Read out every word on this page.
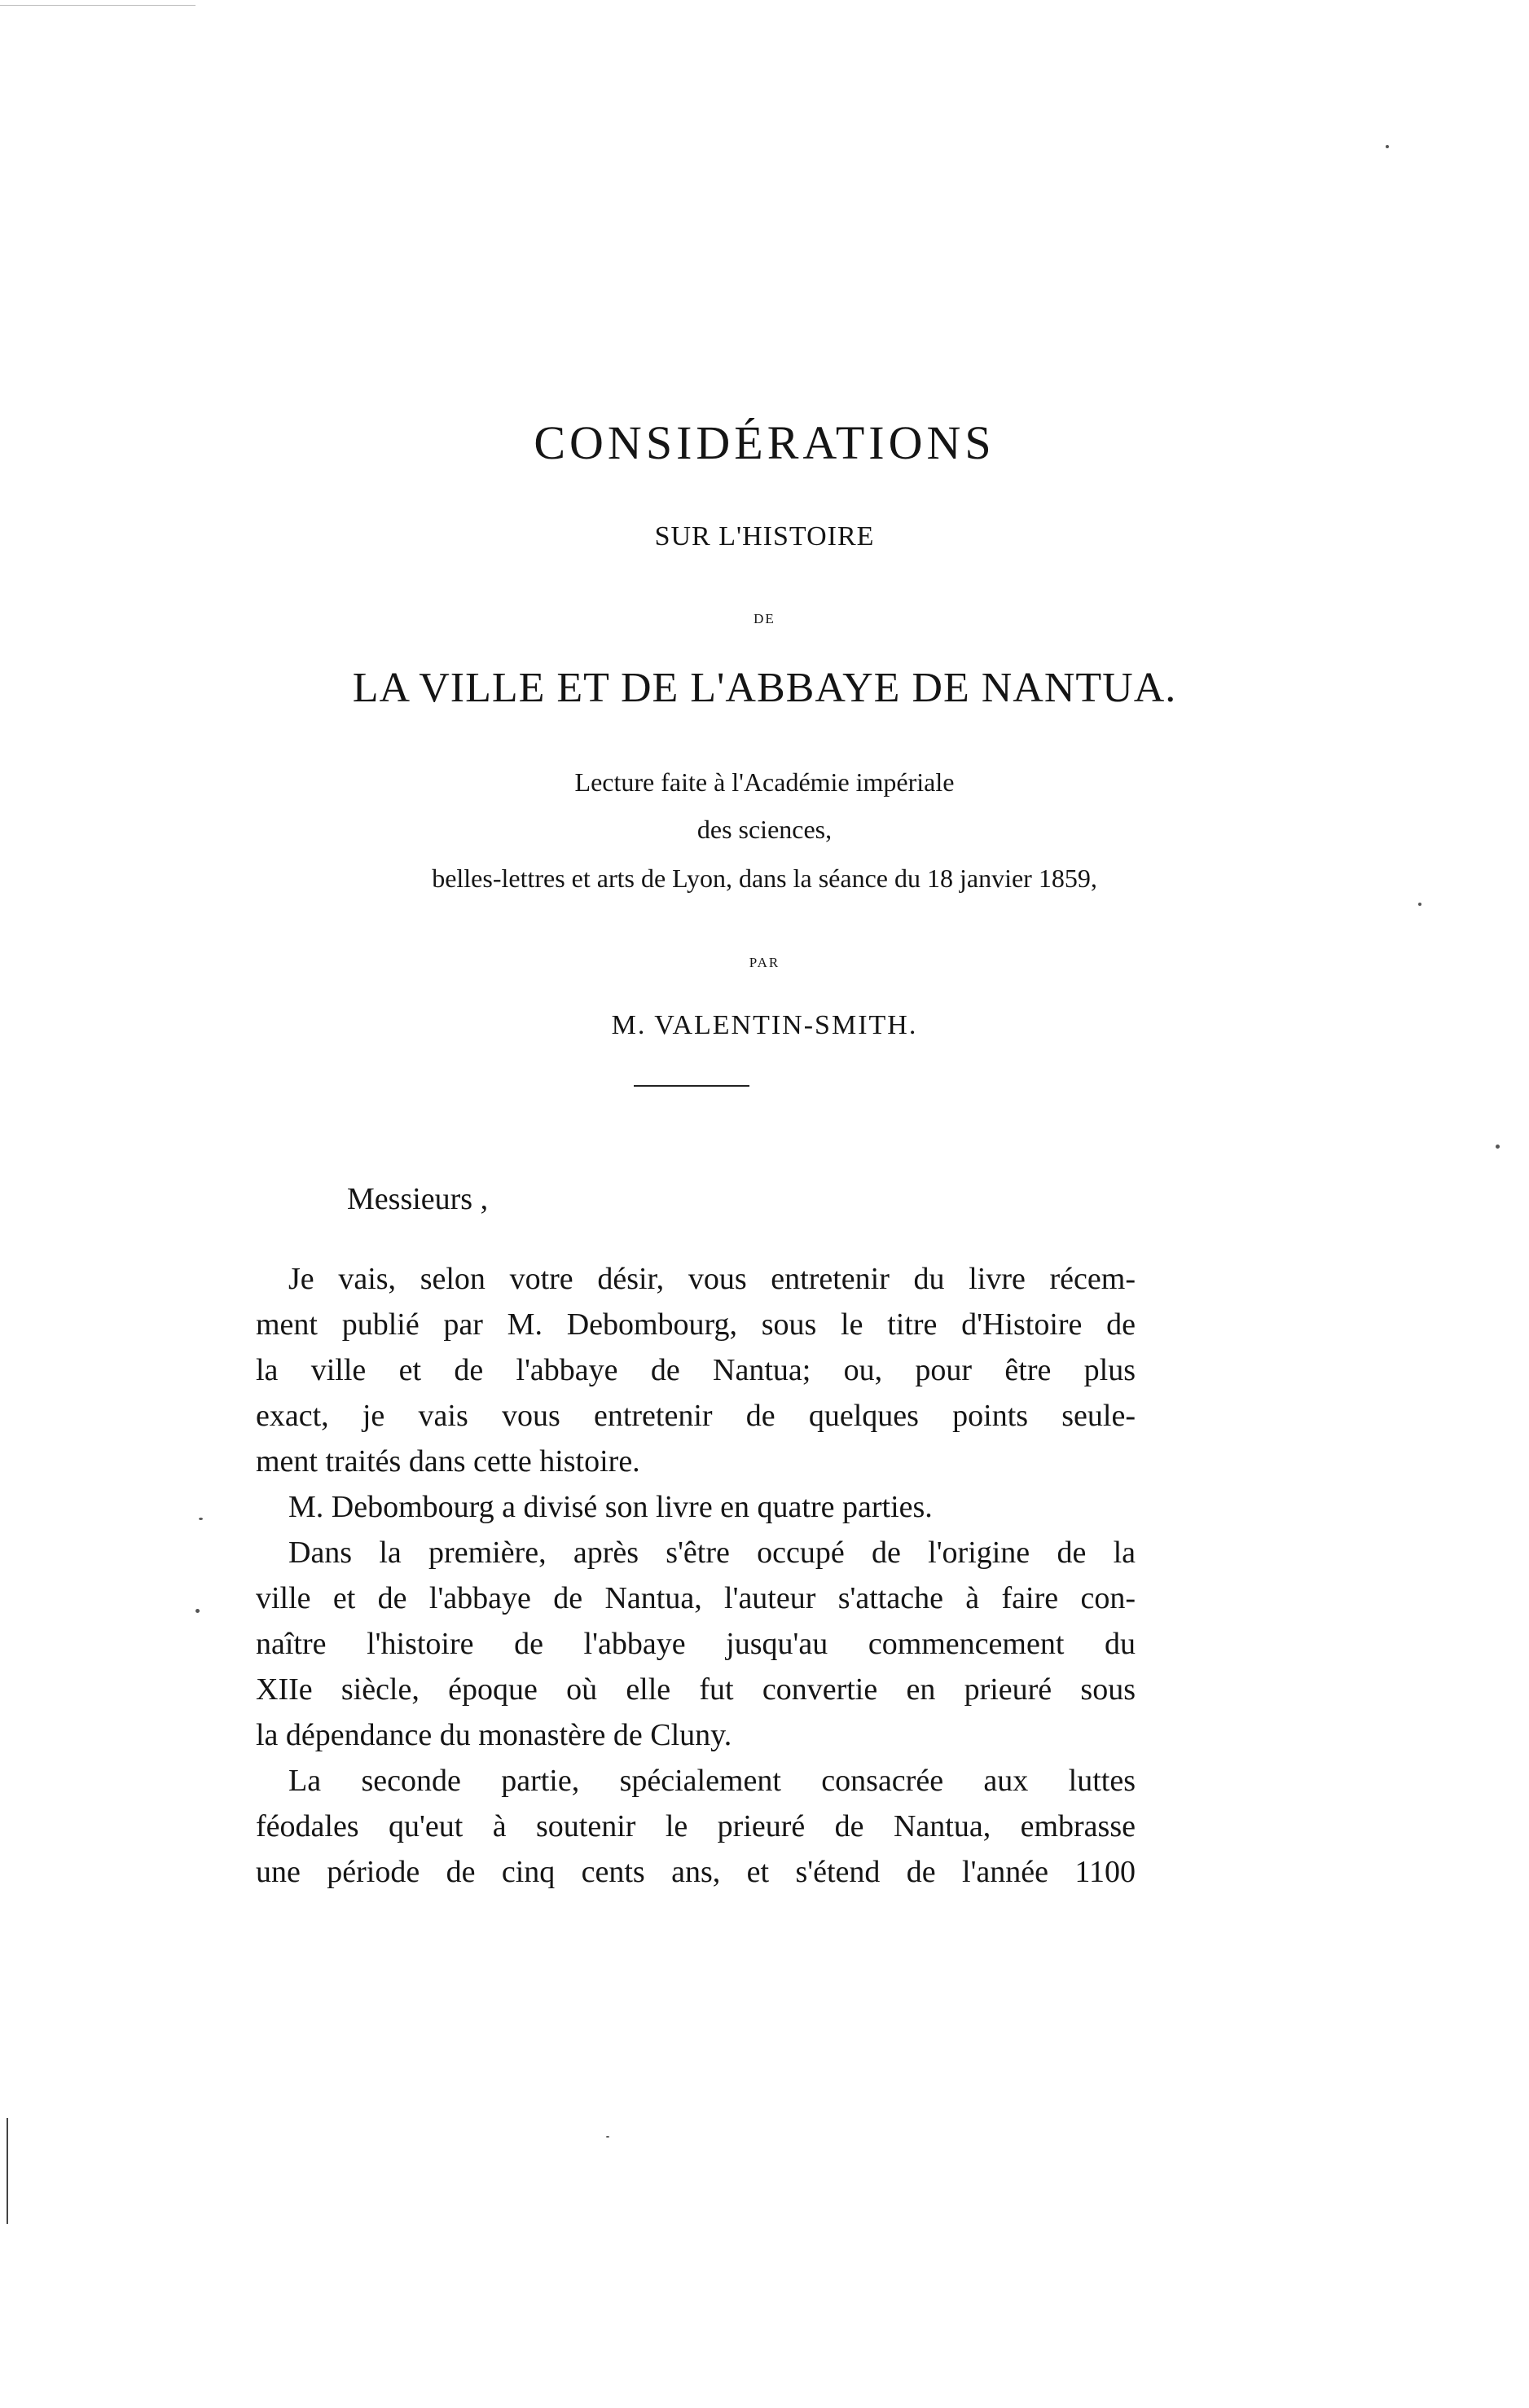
CONSIDÉRATIONS
SUR L'HISTOIRE
DE
LA VILLE ET DE L'ABBAYE DE NANTUA.
Lecture faite à l'Académie impériale
des sciences,
belles-lettres et arts de Lyon, dans la séance du 18 janvier 1859,
PAR
M. VALENTIN-SMITH.
Messieurs ,
Je vais, selon votre désir, vous entretenir du livre récem-
ment publié par M. Debombourg, sous le titre d'Histoire de
la ville et de l'abbaye de Nantua; ou, pour être plus
exact, je vais vous entretenir de quelques points seule-
ment traités dans cette histoire.
M. Debombourg a divisé son livre en quatre parties.
Dans la première, après s'être occupé de l'origine de la
ville et de l'abbaye de Nantua, l'auteur s'attache à faire con-
naître l'histoire de l'abbaye jusqu'au commencement du
XIIe siècle, époque où elle fut convertie en prieuré sous
la dépendance du monastère de Cluny.
La seconde partie, spécialement consacrée aux luttes
féodales qu'eut à soutenir le prieuré de Nantua, embrasse
une période de cinq cents ans, et s'étend de l'année 1100
